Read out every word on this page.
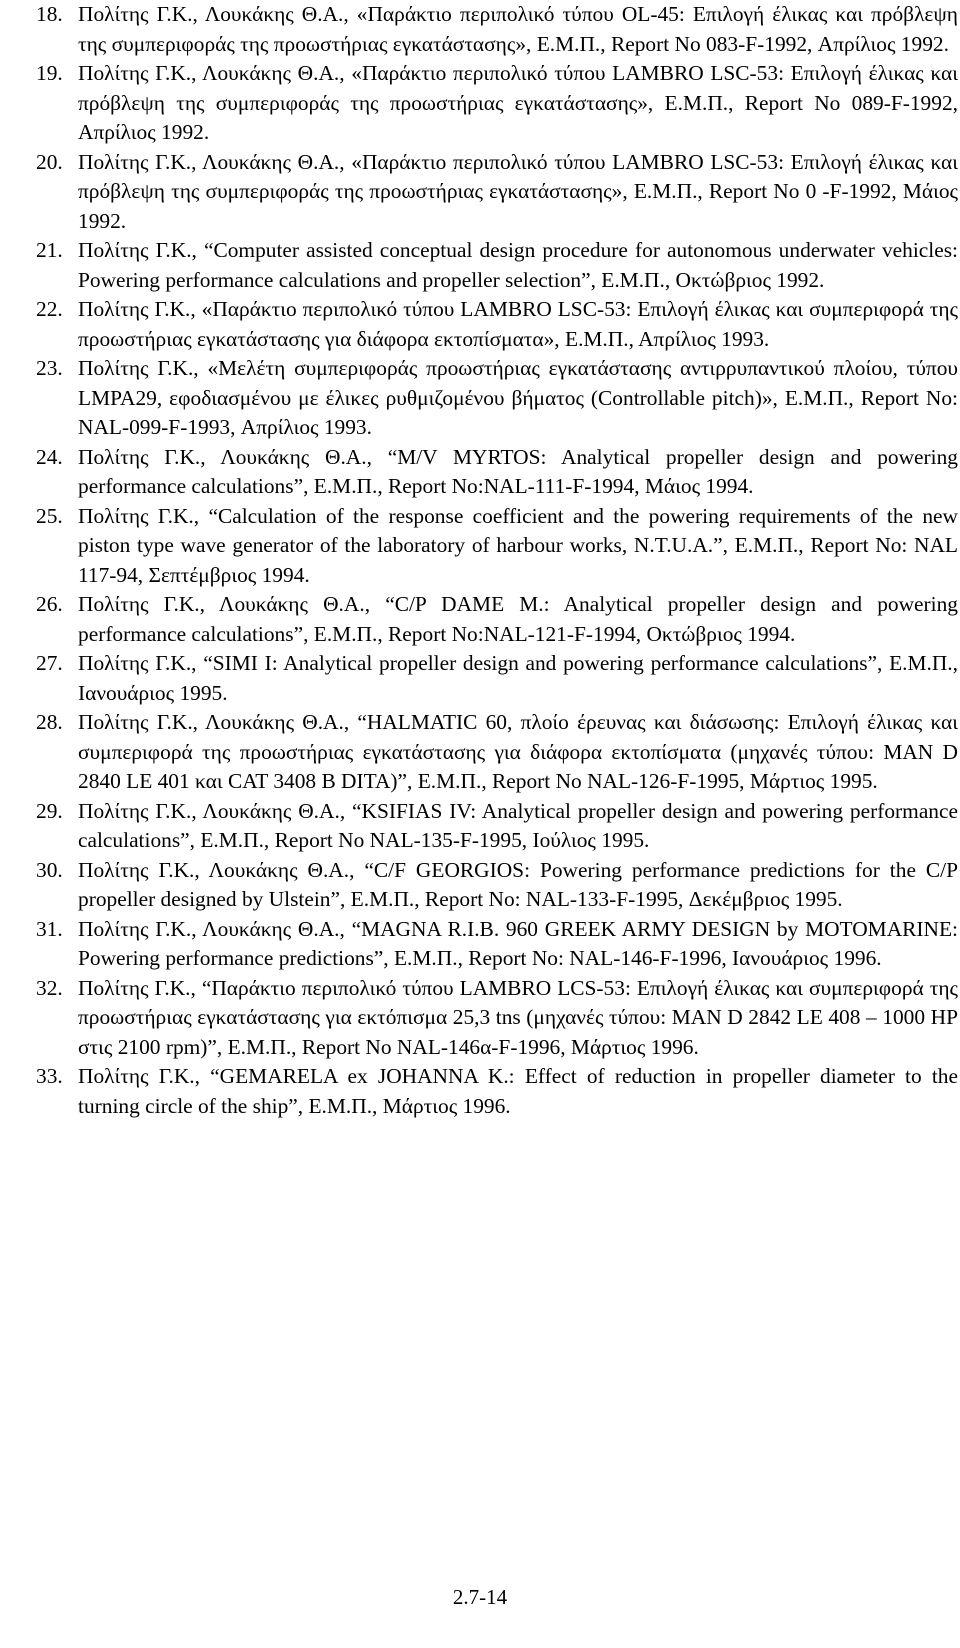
18. Πολίτης Γ.Κ., Λουκάκης Θ.Α., «Παράκτιο περιπολικό τύπου OL-45: Επιλογή έλικας και πρόβλεψη της συμπεριφοράς της προωστήριας εγκατάστασης», Ε.Μ.Π., Report No 083-F-1992, Απρίλιος 1992.
19. Πολίτης Γ.Κ., Λουκάκης Θ.Α., «Παράκτιο περιπολικό τύπου LAMBRO LSC-53: Επιλογή έλικας και πρόβλεψη της συμπεριφοράς της προωστήριας εγκατάστασης», Ε.Μ.Π., Report No 089-F-1992, Απρίλιος 1992.
20. Πολίτης Γ.Κ., Λουκάκης Θ.Α., «Παράκτιο περιπολικό τύπου LAMBRO LSC-53: Επιλογή έλικας και πρόβλεψη της συμπεριφοράς της προωστήριας εγκατάστασης», Ε.Μ.Π., Report No 0 -F-1992, Μάιος 1992.
21. Πολίτης Γ.Κ., “Computer assisted conceptual design procedure for autonomous underwater vehicles: Powering performance calculations and propeller selection”, Ε.Μ.Π., Οκτώβριος 1992.
22. Πολίτης Γ.Κ., «Παράκτιο περιπολικό τύπου LAMBRO LSC-53: Επιλογή έλικας και συμπεριφορά της προωστήριας εγκατάστασης για διάφορα εκτοπίσματα», Ε.Μ.Π., Απρίλιος 1993.
23. Πολίτης Γ.Κ., «Μελέτη συμπεριφοράς προωστήριας εγκατάστασης αντιρρυπαντικού πλοίου, τύπου LMPA29, εφοδιασμένου με έλικες ρυθμιζομένου βήματος (Controllable pitch)», Ε.Μ.Π., Report No: NAL-099-F-1993, Απρίλιος 1993.
24. Πολίτης Γ.Κ., Λουκάκης Θ.Α., “M/V MYRTOS: Analytical propeller design and powering performance calculations”, Ε.Μ.Π., Report No:NAL-111-F-1994, Μάιος 1994.
25. Πολίτης Γ.Κ., “Calculation of the response coefficient and the powering requirements of the new piston type wave generator of the laboratory of harbour works, N.T.U.A.”, Ε.Μ.Π., Report No: NAL 117-94, Σεπτέμβριος 1994.
26. Πολίτης Γ.Κ., Λουκάκης Θ.Α., “C/P DAME M.: Analytical propeller design and powering performance calculations”, Ε.Μ.Π., Report No:NAL-121-F-1994, Οκτώβριος 1994.
27. Πολίτης Γ.Κ., “SIMI I: Analytical propeller design and powering performance calculations”, Ε.Μ.Π., Ιανουάριος 1995.
28. Πολίτης Γ.Κ., Λουκάκης Θ.Α., “HALMATIC 60, πλοίο έρευνας και διάσωσης: Επιλογή έλικας και συμπεριφορά της προωστήριας εγκατάστασης για διάφορα εκτοπίσματα (μηχανές τύπου: MAN D 2840 LE 401 και CAT 3408 B DITA)”, Ε.Μ.Π., Report No NAL-126-F-1995, Μάρτιος 1995.
29. Πολίτης Γ.Κ., Λουκάκης Θ.Α., “KSIFIAS IV: Analytical propeller design and powering performance calculations”, Ε.Μ.Π., Report No NAL-135-F-1995, Ιούλιος 1995.
30. Πολίτης Γ.Κ., Λουκάκης Θ.Α., “C/F GEORGIOS: Powering performance predictions for the C/P propeller designed by Ulstein”, Ε.Μ.Π., Report No: NAL-133-F-1995, Δεκέμβριος 1995.
31. Πολίτης Γ.Κ., Λουκάκης Θ.Α., “MAGNA R.I.B. 960 GREEK ARMY DESIGN by MOTOMARINE: Powering performance predictions”, Ε.Μ.Π., Report No: NAL-146-F-1996, Ιανουάριος 1996.
32. Πολίτης Γ.Κ., “Παράκτιο περιπολικό τύπου LAMBRO LCS-53: Επιλογή έλικας και συμπεριφορά της προωστήριας εγκατάστασης για εκτόπισμα 25,3 tns (μηχανές τύπου: MAN D 2842 LE 408 – 1000 HP στις 2100 rpm)”, Ε.Μ.Π., Report No NAL-146α-F-1996, Μάρτιος 1996.
33. Πολίτης Γ.Κ., “GEMARELA ex JOHANNA K.: Effect of reduction in propeller diameter to the turning circle of the ship”, Ε.Μ.Π., Μάρτιος 1996.
2.7-14
